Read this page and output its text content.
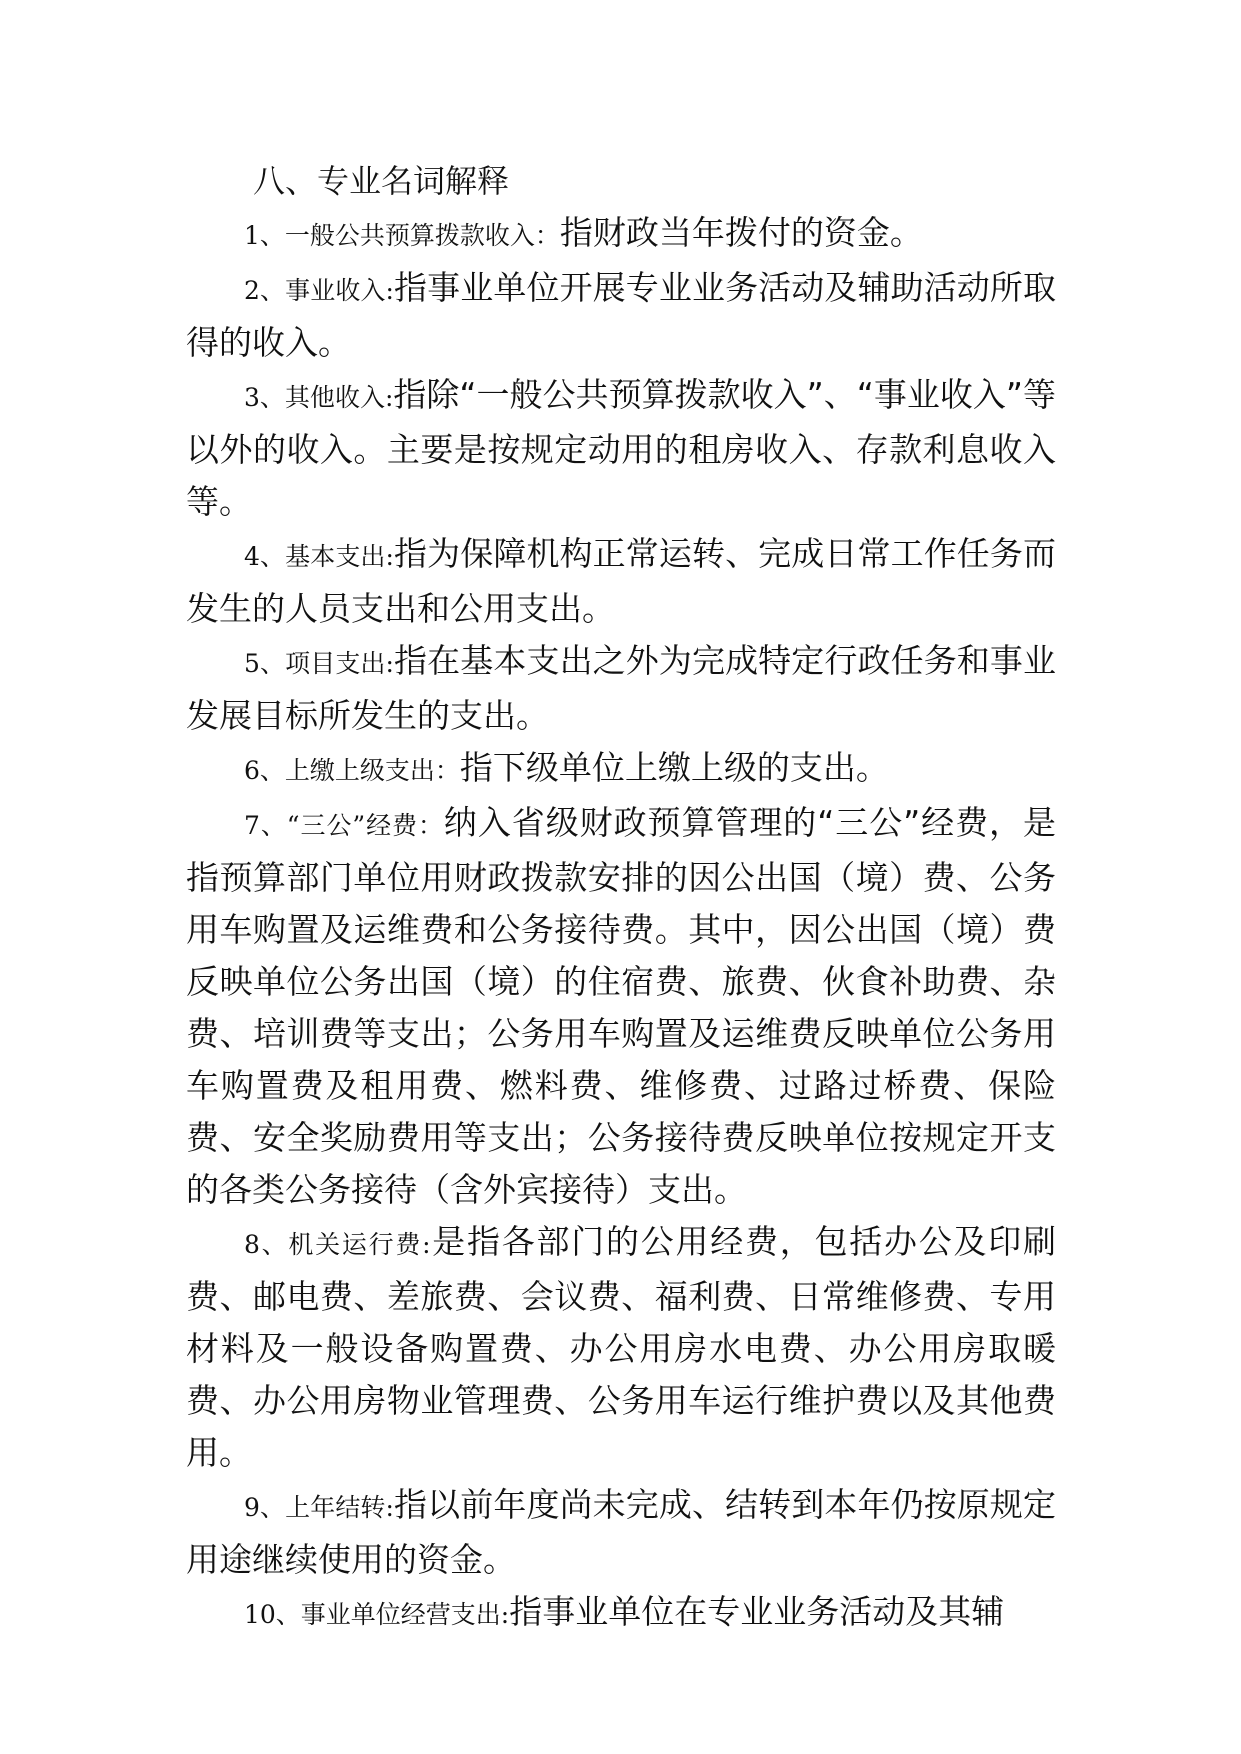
八、专业名词解释

1、一般公共预算拨款收入：指财政当年拨付的资金。

2、事业收入:指事业单位开展专业业务活动及辅助活动所取得的收入。

3、其他收入:指除“一般公共预算拨款收入”、“事业收入”等以外的收入。主要是按规定动用的租房收入、存款利息收入等。

4、基本支出:指为保障机构正常运转、完成日常工作任务而发生的人员支出和公用支出。

5、项目支出:指在基本支出之外为完成特定行政任务和事业发展目标所发生的支出。

6、上缴上级支出：指下级单位上缴上级的支出。

7、“三公”经费：纳入省级财政预算管理的“三公”经费，是指预算部门单位用财政拨款安排的因公出国（境）费、公务用车购置及运维费和公务接待费。其中，因公出国（境）费反映单位公务出国（境）的住宿费、旅费、伙食补助费、杂费、培训费等支出；公务用车购置及运维费反映单位公务用车购置费及租用费、燃料费、维修费、过路过桥费、保险费、安全奖励费用等支出；公务接待费反映单位按规定开支的各类公务接待（含外宾接待）支出。

8、机关运行费:是指各部门的公用经费，包括办公及印刷费、邮电费、差旅费、会议费、福利费、日常维修费、专用材料及一般设备购置费、办公用房水电费、办公用房取暖费、办公用房物业管理费、公务用车运行维护费以及其他费用。

9、上年结转:指以前年度尚未完成、结转到本年仍按原规定用途继续使用的资金。

10、事业单位经营支出:指事业单位在专业业务活动及其辅
